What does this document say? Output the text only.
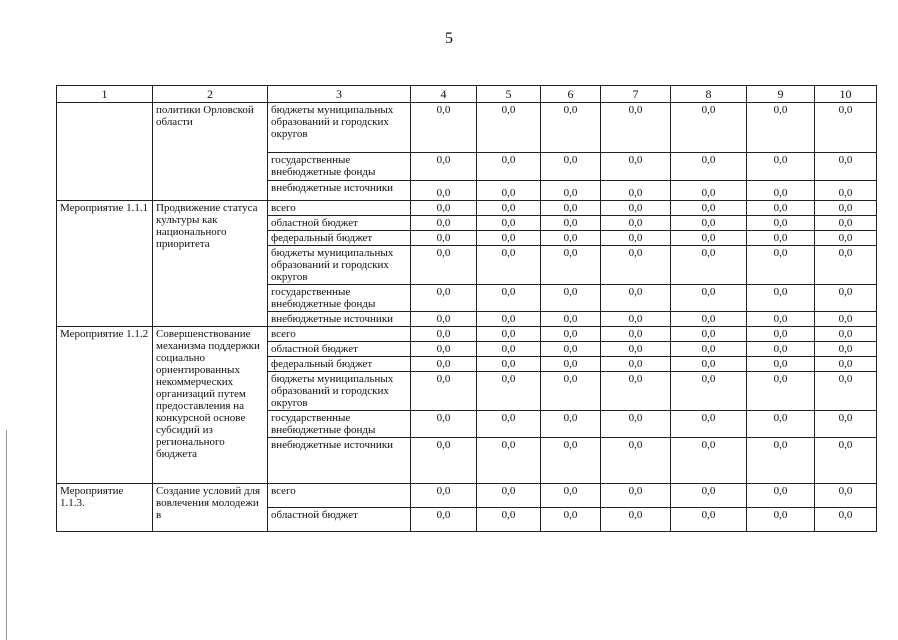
5
1	2	3	4	5	6	7	8	9	10
	политики Орловской области	бюджеты муниципальных образований и городских округов	0,0	0,0	0,0	0,0	0,0	0,0	0,0
		государственные внебюджетные фонды	0,0	0,0	0,0	0,0	0,0	0,0	0,0
		внебюджетные источники	0,0	0,0	0,0	0,0	0,0	0,0	0,0
Мероприятие 1.1.1	Продвижение статуса культуры как национального приоритета	всего	0,0	0,0	0,0	0,0	0,0	0,0	0,0
		областной бюджет	0,0	0,0	0,0	0,0	0,0	0,0	0,0
		федеральный бюджет	0,0	0,0	0,0	0,0	0,0	0,0	0,0
		бюджеты муниципальных образований и городских округов	0,0	0,0	0,0	0,0	0,0	0,0	0,0
		государственные внебюджетные фонды	0,0	0,0	0,0	0,0	0,0	0,0	0,0
		внебюджетные источники	0,0	0,0	0,0	0,0	0,0	0,0	0,0
Мероприятие 1.1.2	Совершенствование механизма поддержки социально ориентированных некоммерческих организаций путем предоставления на конкурсной основе субсидий из регионального бюджета	всего	0,0	0,0	0,0	0,0	0,0	0,0	0,0
		областной бюджет	0,0	0,0	0,0	0,0	0,0	0,0	0,0
		федеральный бюджет	0,0	0,0	0,0	0,0	0,0	0,0	0,0
		бюджеты муниципальных образований и городских округов	0,0	0,0	0,0	0,0	0,0	0,0	0,0
		государственные внебюджетные фонды	0,0	0,0	0,0	0,0	0,0	0,0	0,0
		внебюджетные источники	0,0	0,0	0,0	0,0	0,0	0,0	0,0
Мероприятие 1.1.3.	Создание условий для вовлечения молодежи в	всего	0,0	0,0	0,0	0,0	0,0	0,0	0,0
		областной бюджет	0,0	0,0	0,0	0,0	0,0	0,0	0,0
